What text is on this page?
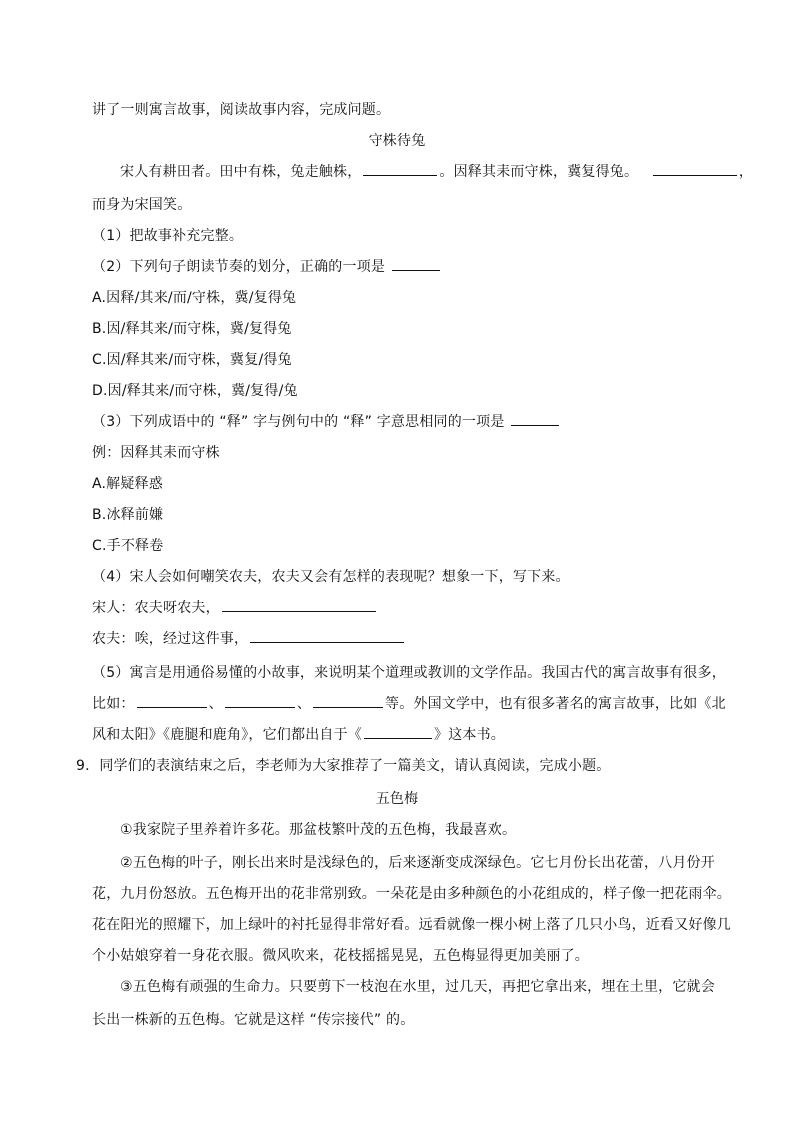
讲了一则寓言故事，阅读故事内容，完成问题。
守株待兔
宋人有耕田者。田中有株，兔走触株，	。因释其耒而守株，冀复得兔。	，
而身为宋国笑。
（1）把故事补充完整。
（2）下列句子朗读节奏的划分，正确的一项是
A.因释/其来/而/守株，冀/复得兔
B.因/释其来/而守株，冀/复得兔
C.因/释其来/而守株，冀复/得兔
D.因/释其来/而守株，冀/复得/兔
（3）下列成语中的 “释” 字与例句中的 “释” 字意思相同的一项是
例：因释其耒而守株
A.解疑释惑
B.冰释前嫌
C.手不释卷
（4）宋人会如何嘲笑农夫，农夫又会有怎样的表现呢？想象一下，写下来。
宋人：农夫呀农夫，
农夫：唉，经过这件事，
（5）寓言是用通俗易懂的小故事，来说明某个道理或教训的文学作品。我国古代的寓言故事有很多，
比如：	、	、	等。外国文学中，也有很多著名的寓言故事，比如《北
风和太阳》《鹿腿和鹿角》，它们都出自于《	》这本书。
9．同学们的表演结束之后，李老师为大家推荐了一篇美文，请认真阅读，完成小题。
五色梅
①我家院子里养着许多花。那盆枝繁叶茂的五色梅，我最喜欢。
②五色梅的叶子，刚长出来时是浅绿色的，后来逐渐变成深绿色。它七月份长出花蕾，八月份开
花，九月份怒放。五色梅开出的花非常别致。一朵花是由多种颜色的小花组成的，样子像一把花雨伞。
花在阳光的照耀下，加上绿叶的衬托显得非常好看。远看就像一棵小树上落了几只小鸟，近看又好像几
个小姑娘穿着一身花衣服。微风吹来，花枝摇摇晃晃，五色梅显得更加美丽了。
③五色梅有顽强的生命力。只要剪下一枝泡在水里，过几天，再把它拿出来，埋在土里，它就会
长出一株新的五色梅。它就是这样 “传宗接代” 的。
